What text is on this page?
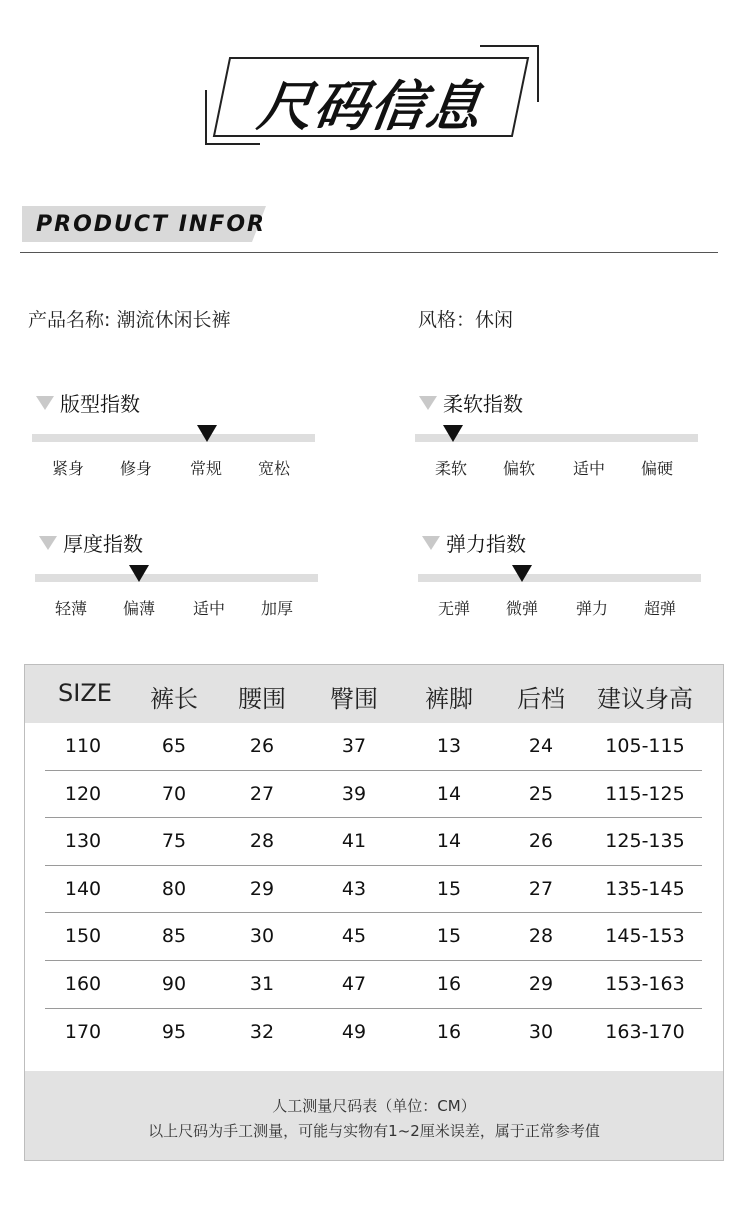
尺码信息
PRODUCT INFOR
产品名称: 潮流休闲长裤	风格：休闲
版型指数
紧身 修身 常规 宽松
柔软指数
柔软 偏软 适中 偏硬
厚度指数
轻薄 偏薄 适中 加厚
弹力指数
无弹 微弹 弹力 超弹
SIZE 裤长 腰围 臀围 裤脚 后档 建议身高
110	65	26	37	13	24	105-115
120	70	27	39	14	25	115-125
130	75	28	41	14	26	125-135
140	80	29	43	15	27	135-145
150	85	30	45	15	28	145-153
160	90	31	47	16	29	153-163
170	95	32	49	16	30	163-170
人工测量尺码表（单位：CM）
以上尺码为手工测量，可能与实物有1~2厘米误差，属于正常参考值
